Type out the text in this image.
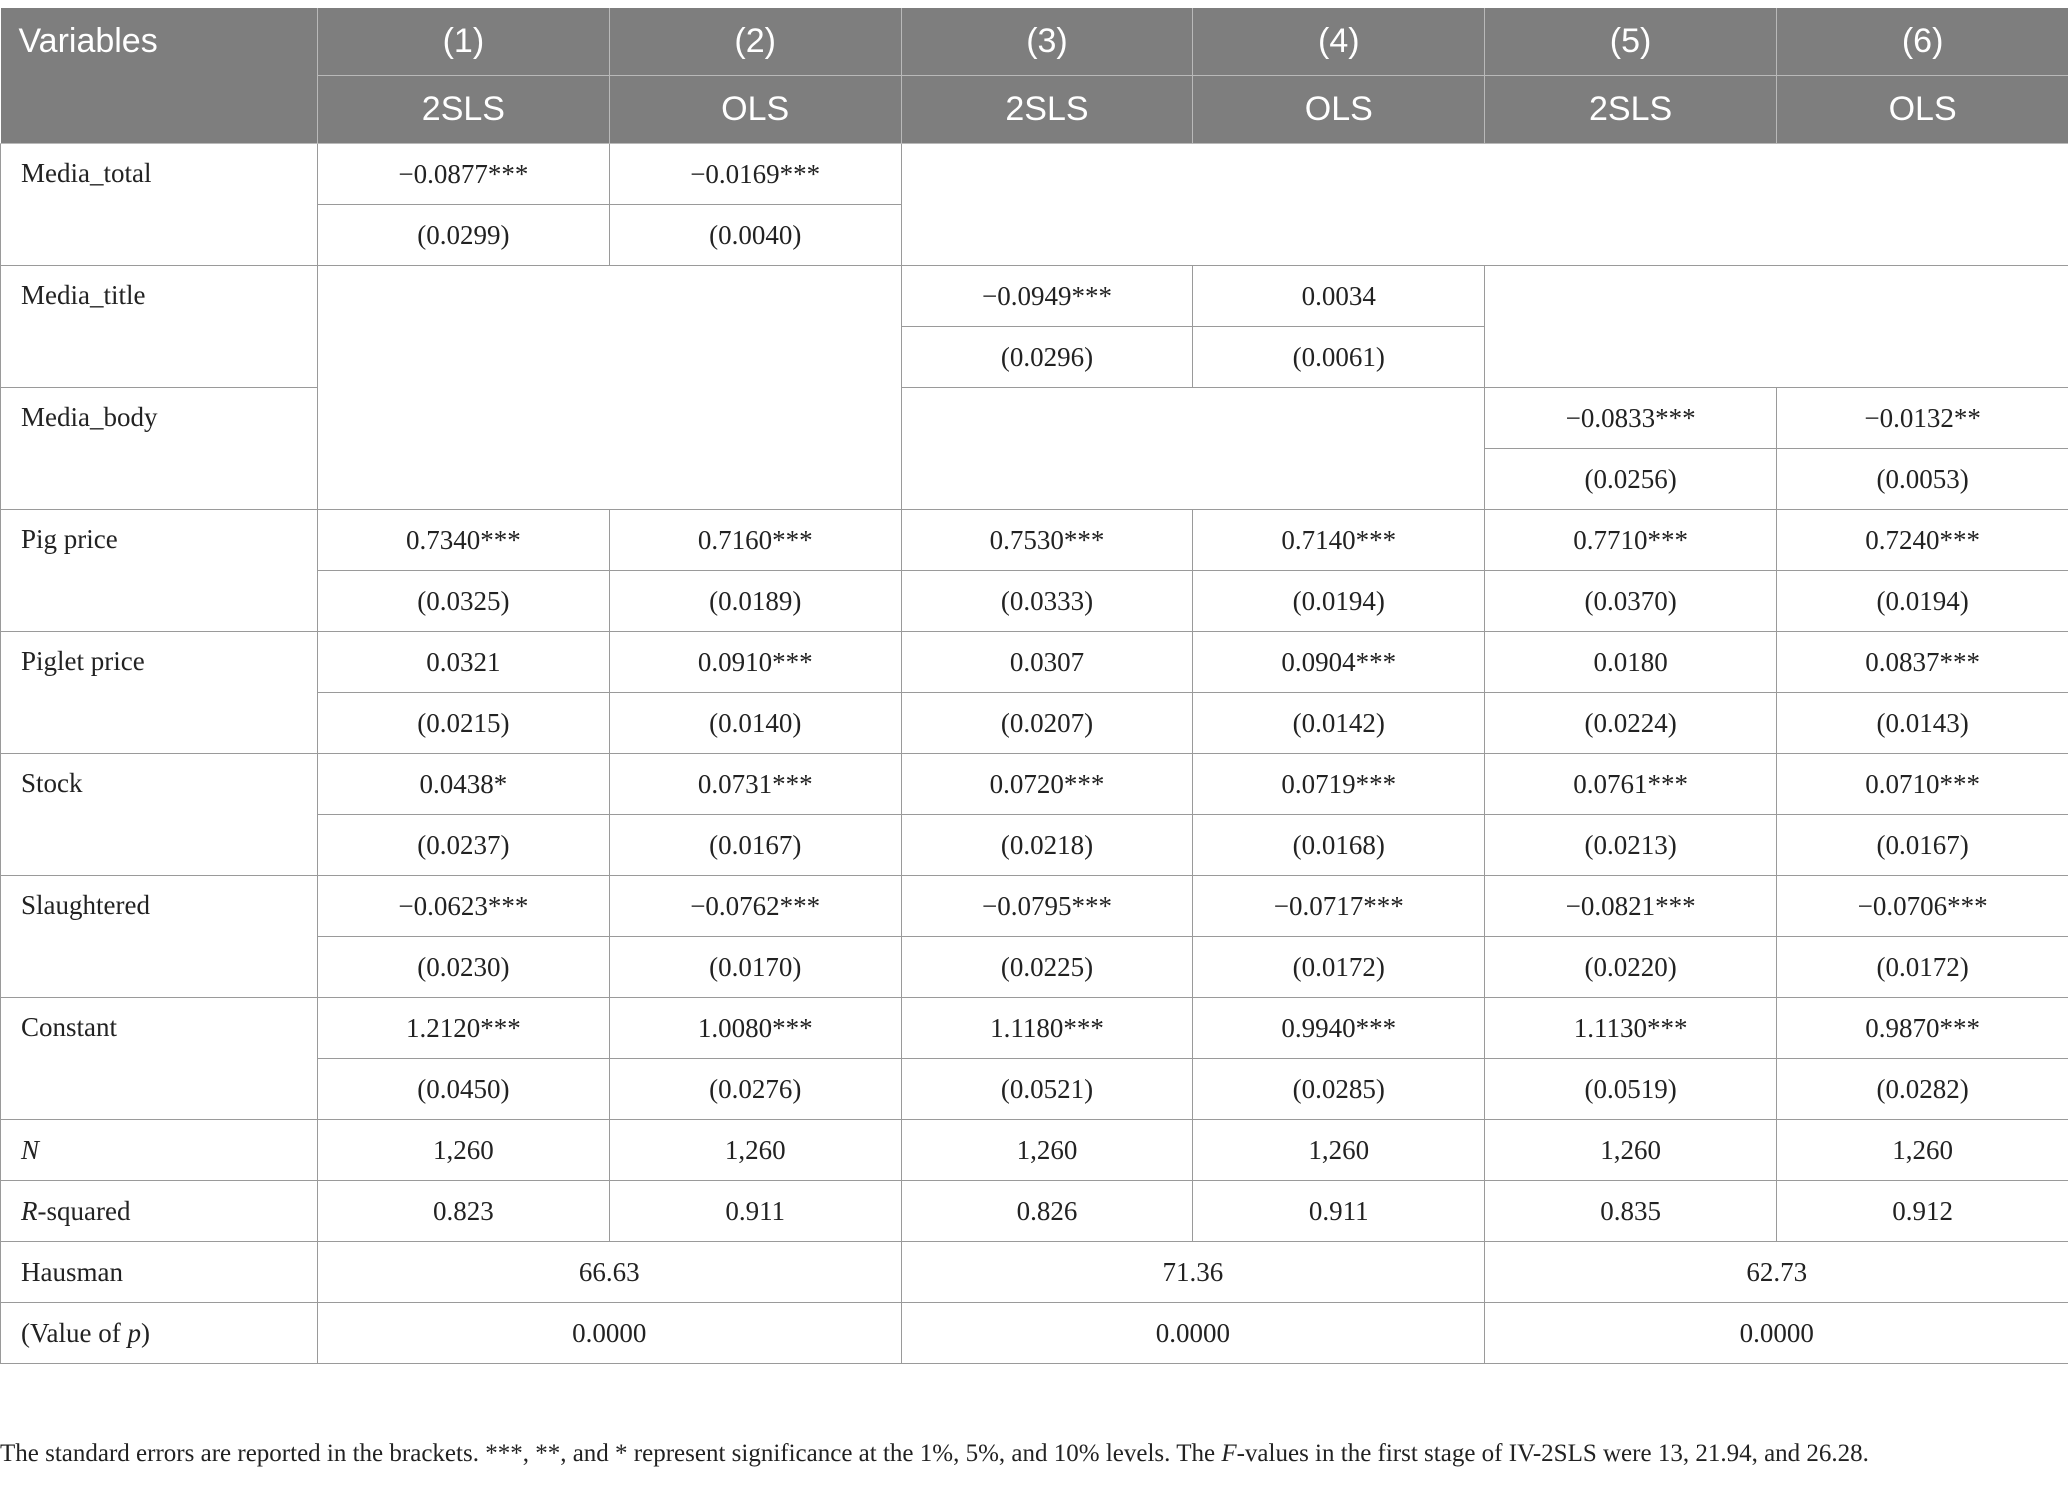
Variables	(1)	(2)	(3)	(4)	(5)	(6)
	2SLS	OLS	2SLS	OLS	2SLS	OLS
Media_total	−0.0877***	−0.0169***				
	(0.0299)	(0.0040)				
Media_title			−0.0949***	0.0034		
			(0.0296)	(0.0061)		
Media_body					−0.0833***	−0.0132**
					(0.0256)	(0.0053)
Pig price	0.7340***	0.7160***	0.7530***	0.7140***	0.7710***	0.7240***
	(0.0325)	(0.0189)	(0.0333)	(0.0194)	(0.0370)	(0.0194)
Piglet price	0.0321	0.0910***	0.0307	0.0904***	0.0180	0.0837***
	(0.0215)	(0.0140)	(0.0207)	(0.0142)	(0.0224)	(0.0143)
Stock	0.0438*	0.0731***	0.0720***	0.0719***	0.0761***	0.0710***
	(0.0237)	(0.0167)	(0.0218)	(0.0168)	(0.0213)	(0.0167)
Slaughtered	−0.0623***	−0.0762***	−0.0795***	−0.0717***	−0.0821***	−0.0706***
	(0.0230)	(0.0170)	(0.0225)	(0.0172)	(0.0220)	(0.0172)
Constant	1.2120***	1.0080***	1.1180***	0.9940***	1.1130***	0.9870***
	(0.0450)	(0.0276)	(0.0521)	(0.0285)	(0.0519)	(0.0282)
N	1,260	1,260	1,260	1,260	1,260	1,260
R-squared	0.823	0.911	0.826	0.911	0.835	0.912
Hausman	66.63		71.36		62.73	
(Value of p)	0.0000		0.0000		0.0000	
The standard errors are reported in the brackets. ***, **, and * represent significance at the 1%, 5%, and 10% levels. The F-values in the first stage of IV-2SLS were 13, 21.94, and 26.28.
